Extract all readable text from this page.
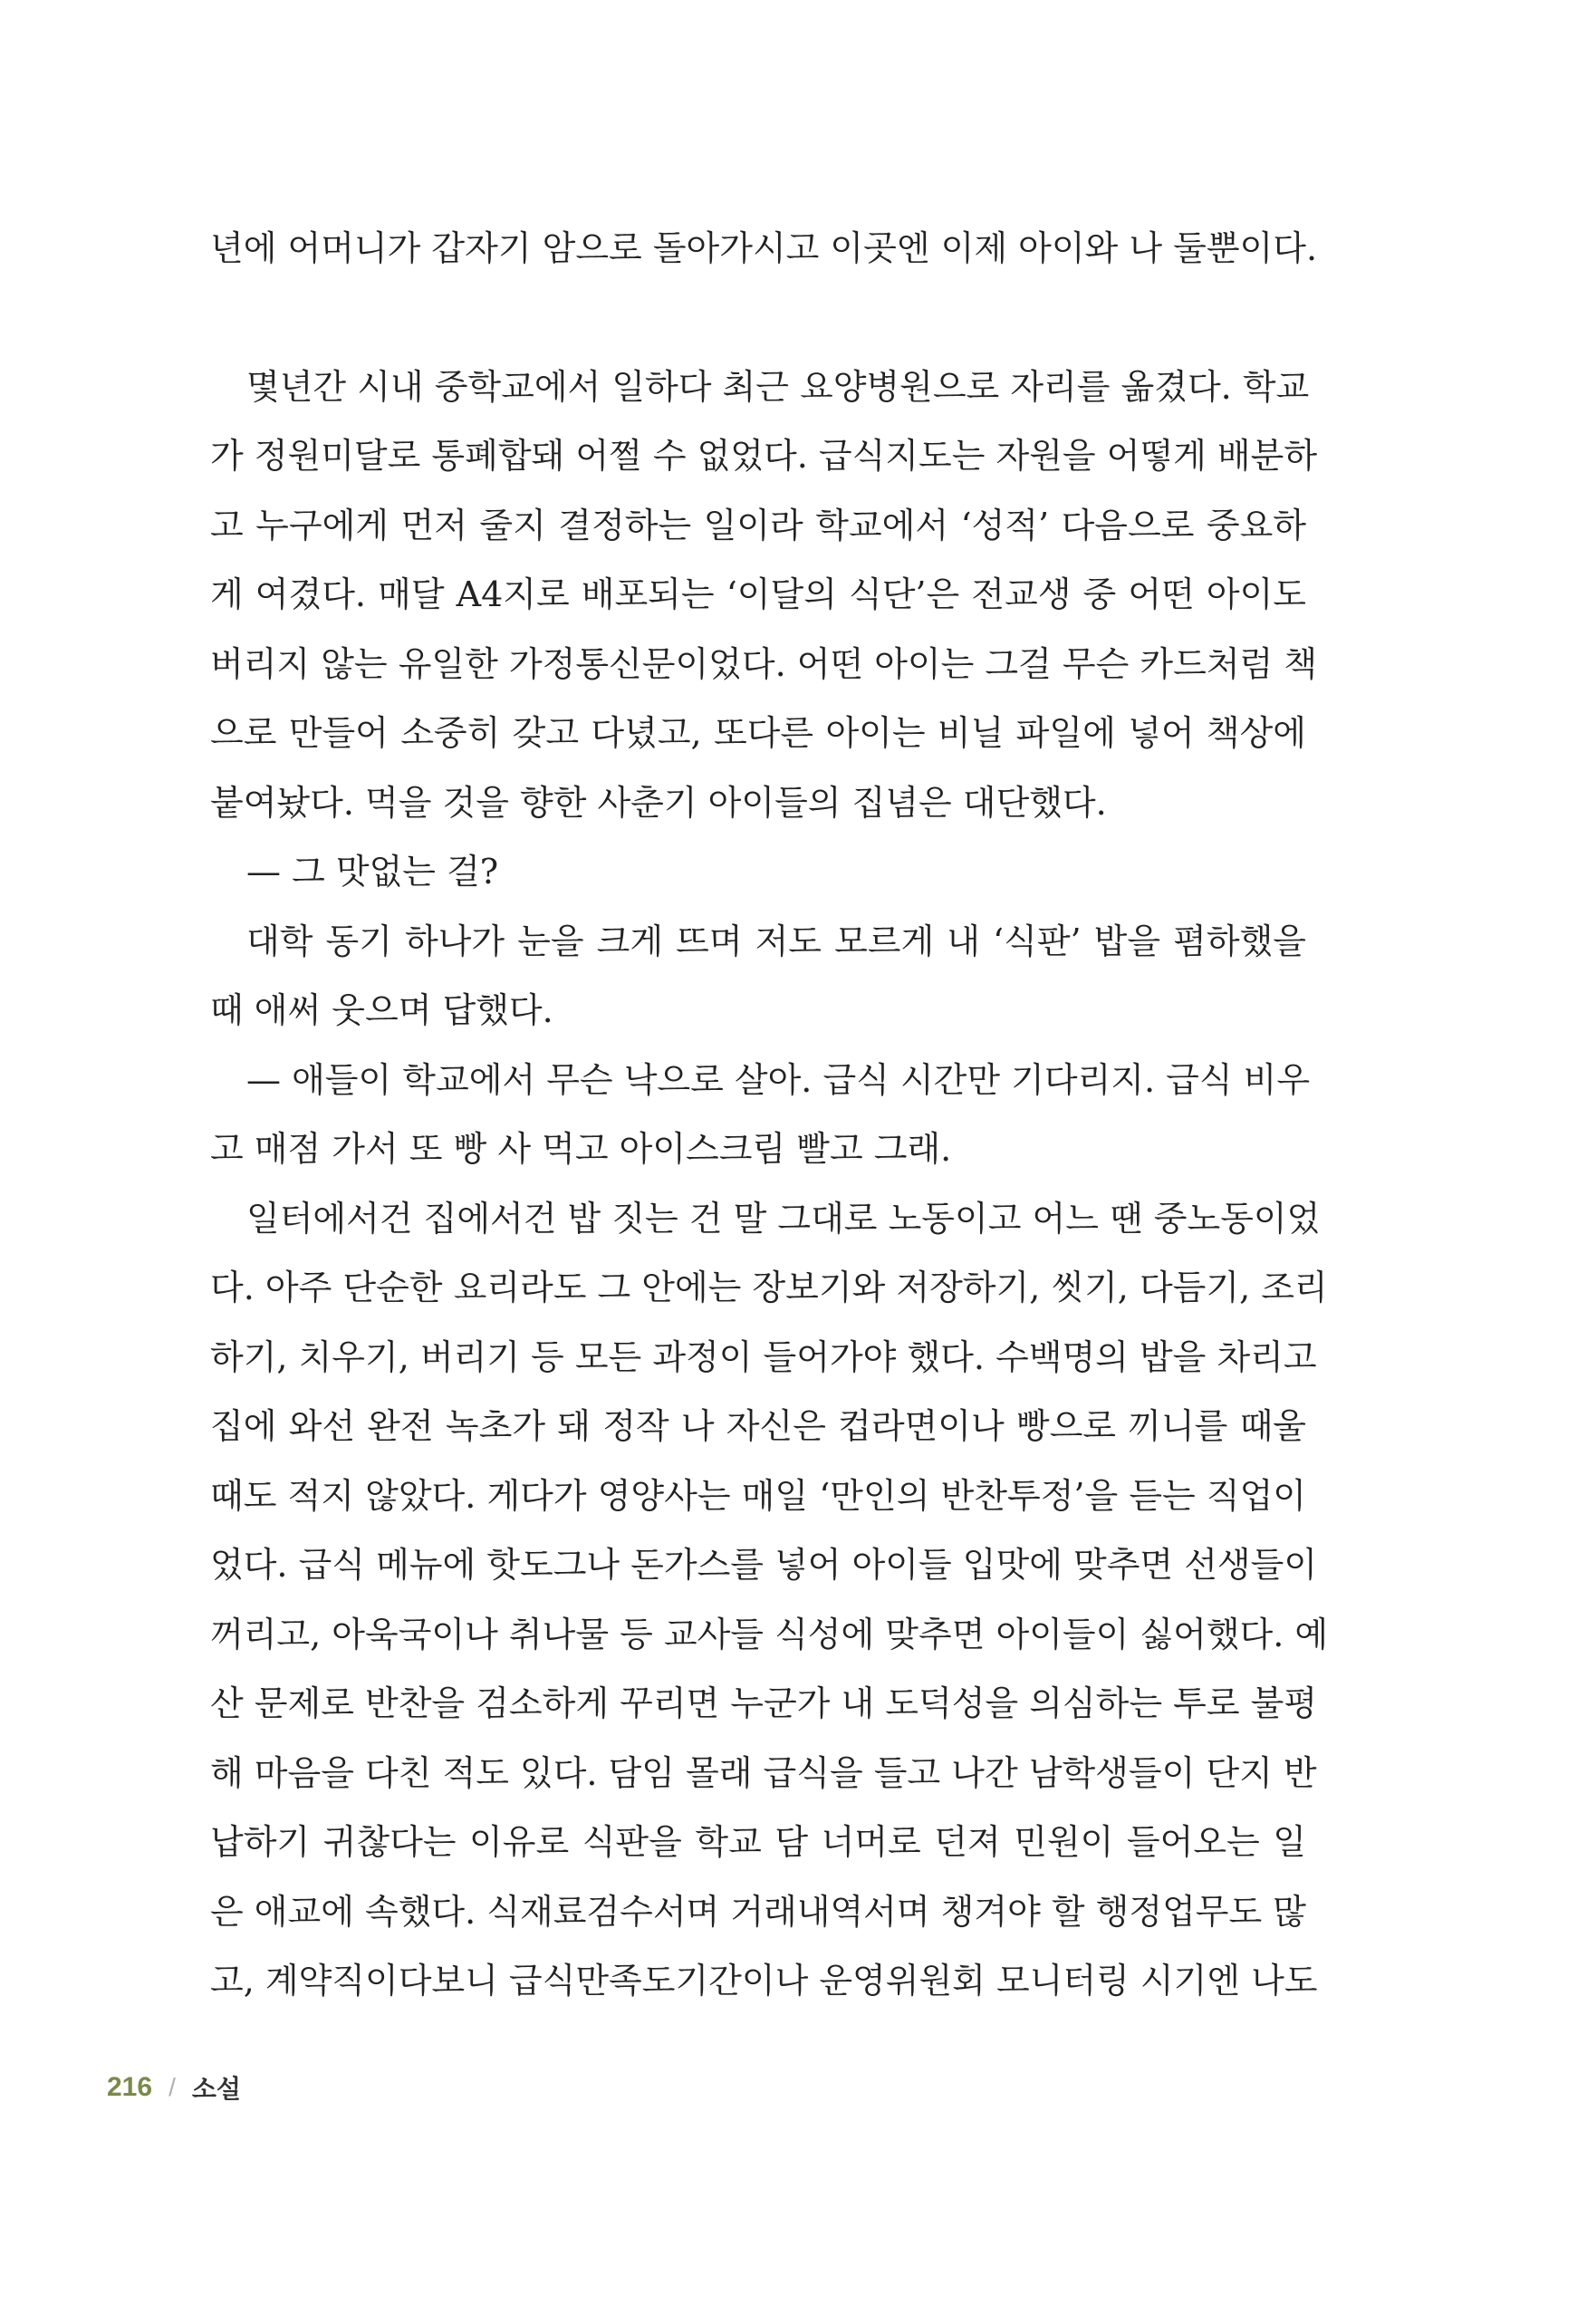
년에 어머니가 갑자기 암으로 돌아가시고 이곳엔 이제 아이와 나 둘뿐이다.

몇년간 시내 중학교에서 일하다 최근 요양병원으로 자리를 옮겼다. 학교

가 정원미달로 통폐합돼 어쩔 수 없었다. 급식지도는 자원을 어떻게 배분하

고 누구에게 먼저 줄지 결정하는 일이라 학교에서 ‘성적’ 다음으로 중요하

게 여겼다. 매달 A4지로 배포되는 ‘이달의 식단’은 전교생 중 어떤 아이도

버리지 않는 유일한 가정통신문이었다. 어떤 아이는 그걸 무슨 카드처럼 책

으로 만들어 소중히 갖고 다녔고, 또다른 아이는 비닐 파일에 넣어 책상에

붙여놨다. 먹을 것을 향한 사춘기 아이들의 집념은 대단했다.

— 그 맛없는 걸?

대학 동기 하나가 눈을 크게 뜨며 저도 모르게 내 ‘식판’ 밥을 폄하했을

때 애써 웃으며 답했다.

— 애들이 학교에서 무슨 낙으로 살아. 급식 시간만 기다리지. 급식 비우

고 매점 가서 또 빵 사 먹고 아이스크림 빨고 그래.

일터에서건 집에서건 밥 짓는 건 말 그대로 노동이고 어느 땐 중노동이었

다. 아주 단순한 요리라도 그 안에는 장보기와 저장하기, 씻기, 다듬기, 조리

하기, 치우기, 버리기 등 모든 과정이 들어가야 했다. 수백명의 밥을 차리고

집에 와선 완전 녹초가 돼 정작 나 자신은 컵라면이나 빵으로 끼니를 때울

때도 적지 않았다. 게다가 영양사는 매일 ‘만인의 반찬투정’을 듣는 직업이

었다. 급식 메뉴에 핫도그나 돈가스를 넣어 아이들 입맛에 맞추면 선생들이

꺼리고, 아욱국이나 취나물 등 교사들 식성에 맞추면 아이들이 싫어했다. 예

산 문제로 반찬을 검소하게 꾸리면 누군가 내 도덕성을 의심하는 투로 불평

해 마음을 다친 적도 있다. 담임 몰래 급식을 들고 나간 남학생들이 단지 반

납하기 귀찮다는 이유로 식판을 학교 담 너머로 던져 민원이 들어오는 일

은 애교에 속했다. 식재료검수서며 거래내역서며 챙겨야 할 행정업무도 많

고, 계약직이다보니 급식만족도기간이나 운영위원회 모니터링 시기엔 나도

216 / 소설
